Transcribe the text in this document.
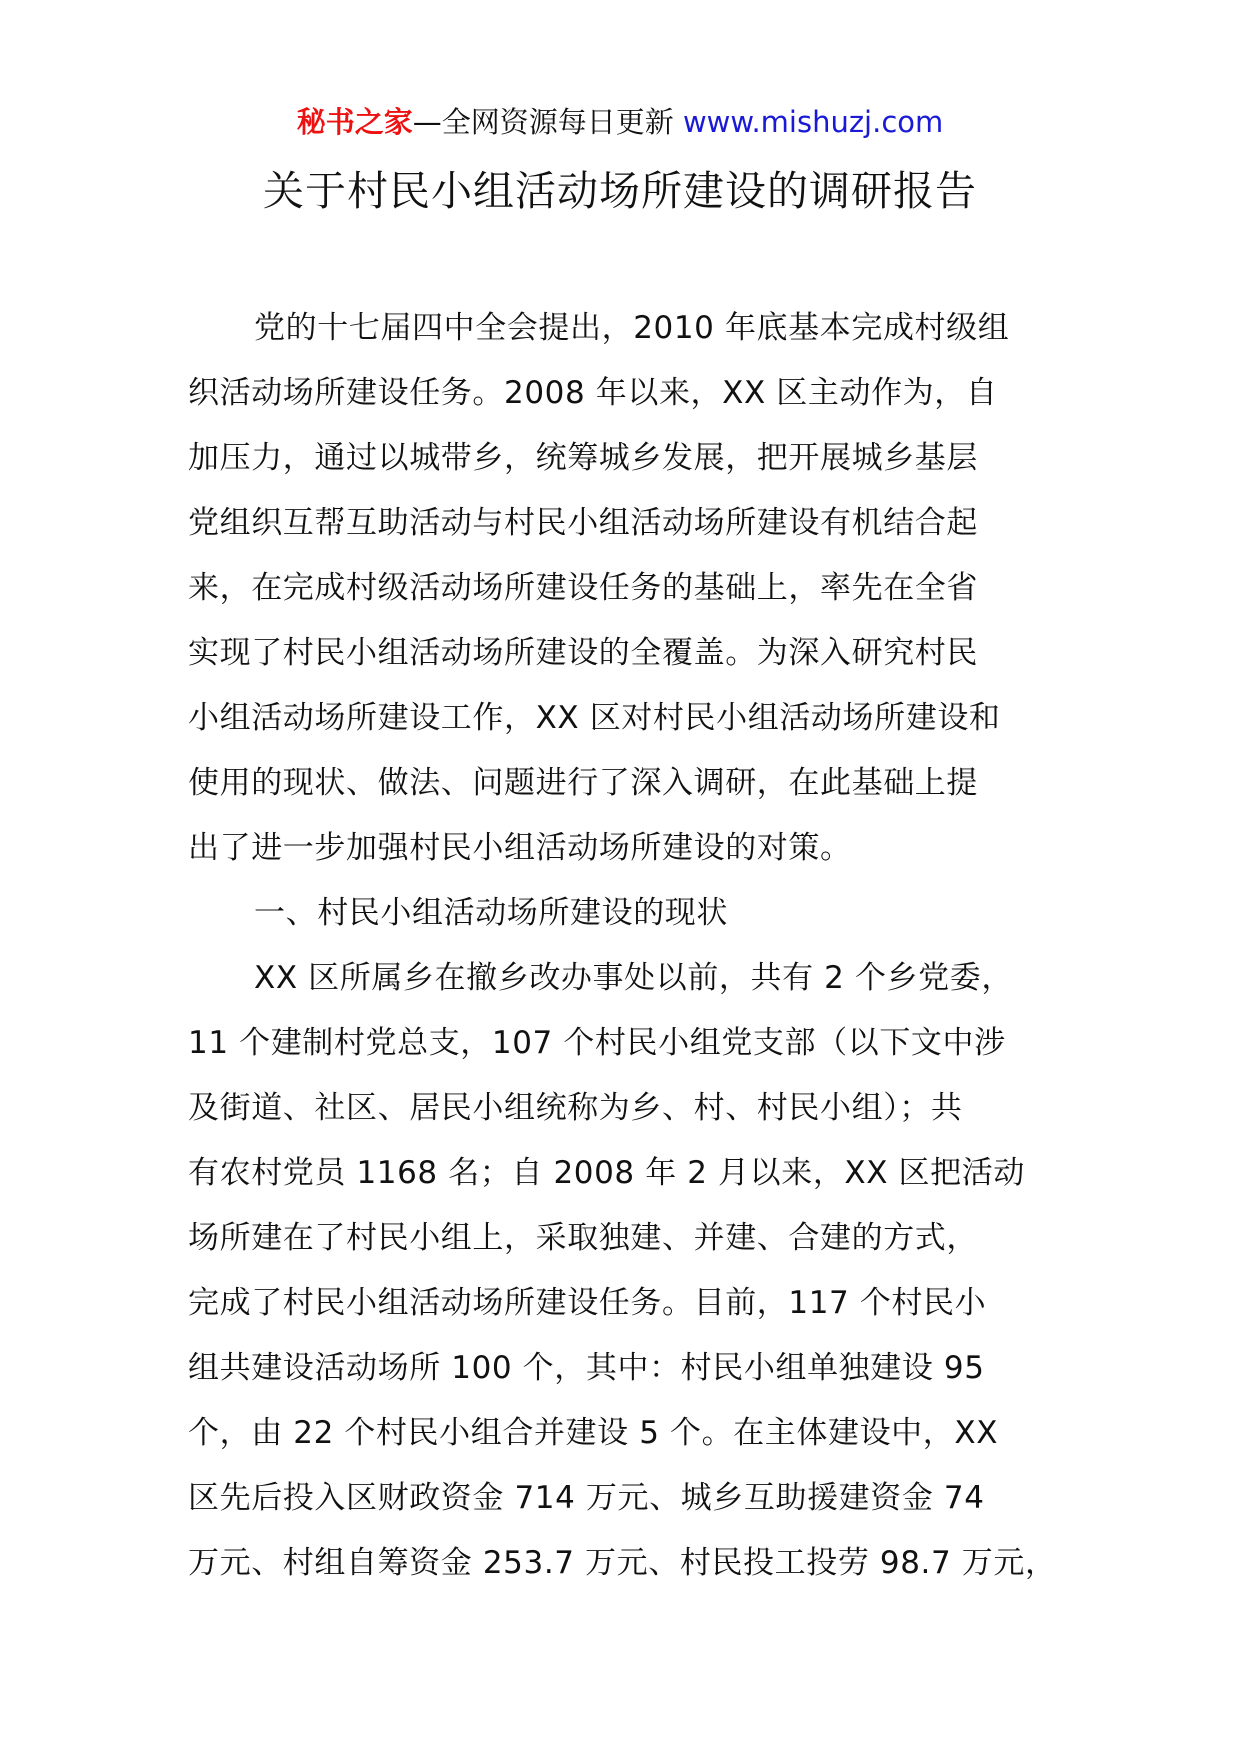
秘书之家—全网资源每日更新 www.mishuzj.com
关于村民小组活动场所建设的调研报告
党的十七届四中全会提出，2010 年底基本完成村级组
织活动场所建设任务。2008 年以来，XX 区主动作为，自
加压力，通过以城带乡，统筹城乡发展，把开展城乡基层
党组织互帮互助活动与村民小组活动场所建设有机结合起
来，在完成村级活动场所建设任务的基础上，率先在全省
实现了村民小组活动场所建设的全覆盖。为深入研究村民
小组活动场所建设工作，XX 区对村民小组活动场所建设和
使用的现状、做法、问题进行了深入调研，在此基础上提
出了进一步加强村民小组活动场所建设的对策。
一、村民小组活动场所建设的现状
XX 区所属乡在撤乡改办事处以前，共有 2 个乡党委，
11 个建制村党总支，107 个村民小组党支部（以下文中涉
及街道、社区、居民小组统称为乡、村、村民小组）；共
有农村党员 1168 名；自 2008 年 2 月以来，XX 区把活动
场所建在了村民小组上，采取独建、并建、合建的方式，
完成了村民小组活动场所建设任务。目前，117 个村民小
组共建设活动场所 100 个，其中：村民小组单独建设 95
个，由 22 个村民小组合并建设 5 个。在主体建设中，XX
区先后投入区财政资金 714 万元、城乡互助援建资金 74
万元、村组自筹资金 253.7 万元、村民投工投劳 98.7 万元，
